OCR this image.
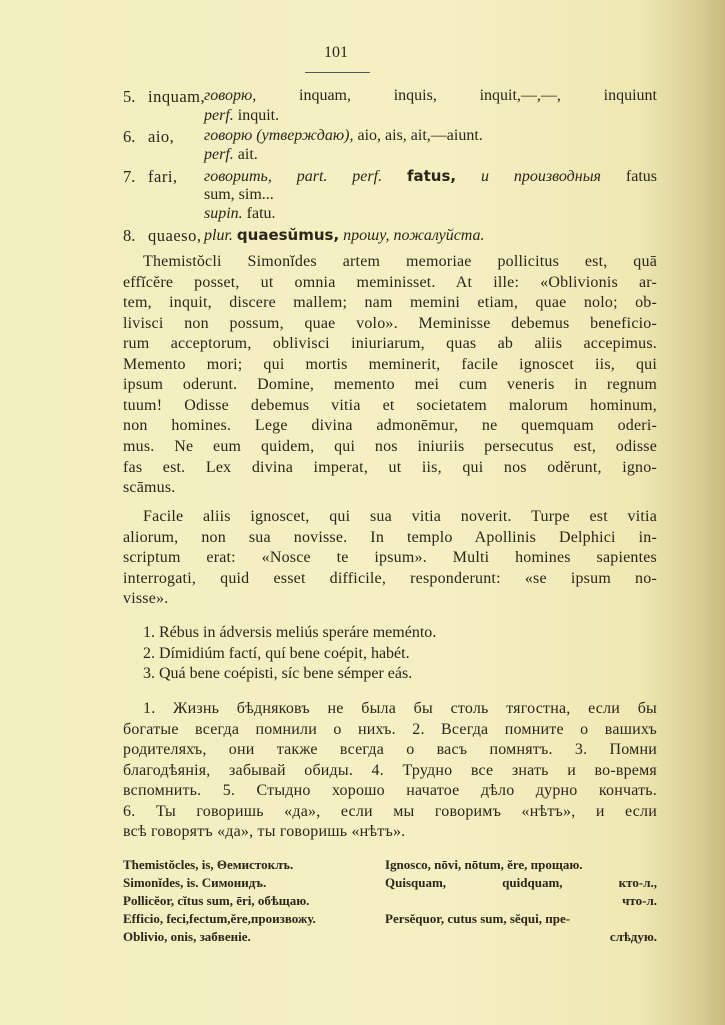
101
5. inquam,
говорю, inquam, inquis, inquit,—,—, inquiunt
perf. inquit.
6. aio, говорю (утверждаю), aio, ais, ait,—aiunt.
perf. ait.
7. fari, говорить, part. perf. fatus, и производныя fatus
sum, sim...
supin. fatu.
8. quaeso, plur. quaesŭmus, прошу, пожалуйста.
Themistŏcli Simonĭdes artem memoriae pollicitus est, quā
effĭcĕre posset, ut omnia meminisset. At ille: «Oblivionis ar-
tem, inquit, discere mallem; nam memini etiam, quae nolo; ob-
livisci non possum, quae volo». Meminisse debemus beneficio-
rum acceptorum, oblivisci iniuriarum, quas ab aliis accepimus.
Memento mori; qui mortis meminerit, facile ignoscet iis, qui
ipsum oderunt. Domine, memento mei cum veneris in regnum
tuum! Odisse debemus vitia et societatem malorum hominum,
non homines. Lege divina admonēmur, ne quemquam oderi-
mus. Ne eum quidem, qui nos iniuriis persecutus est, odisse
fas est. Lex divina imperat, ut iis, qui nos odĕrunt, igno-
scāmus.
Facile aliis ignoscet, qui sua vitia noverit. Turpe est vitia
aliorum, non sua novisse. In templo Apollinis Delphici in-
scriptum erat: «Nosce te ipsum». Multi homines sapientes
interrogati, quid esset difficile, responderunt: «se ipsum no-
visse».
1. Rébus in ádversis meliús speráre meménto.
2. Dímidiúm factí, quí bene coépit, habét.
3. Quá bene coépisti, síc bene sémper eás.
1. Жизнь бѣдняковъ не была бы столь тягостна, если бы
богатые всегда помнили о нихъ. 2. Всегда помните о вашихъ
родителяхъ, они также всегда о васъ помнятъ. 3. Помни
благодѣянія, забывай обиды. 4. Трудно все знать и во-время
вспомнить. 5. Стыдно хорошо начатое дѣло дурно кончать.
6. Ты говоришь «да», если мы говоримъ «нѣтъ», и если
всѣ говорятъ «да», ты говоришь «нѣтъ».
Themistŏcles, is, Θемистоклъ.
Simonĭdes, is. Симонидъ.
Pollicĕor, cĭtus sum, ēri, обѣщаю.
Efficio, feci,fectum,ĕre,произвожу.
Oblivio, onis, забвеніе.
Ignosco, nōvi, nōtum, ĕre, прощаю.
Quisquam, quidquam, кто-л.,
что-л.
Persĕquor, cutus sum, sĕqui, пре-
слѣдую.
